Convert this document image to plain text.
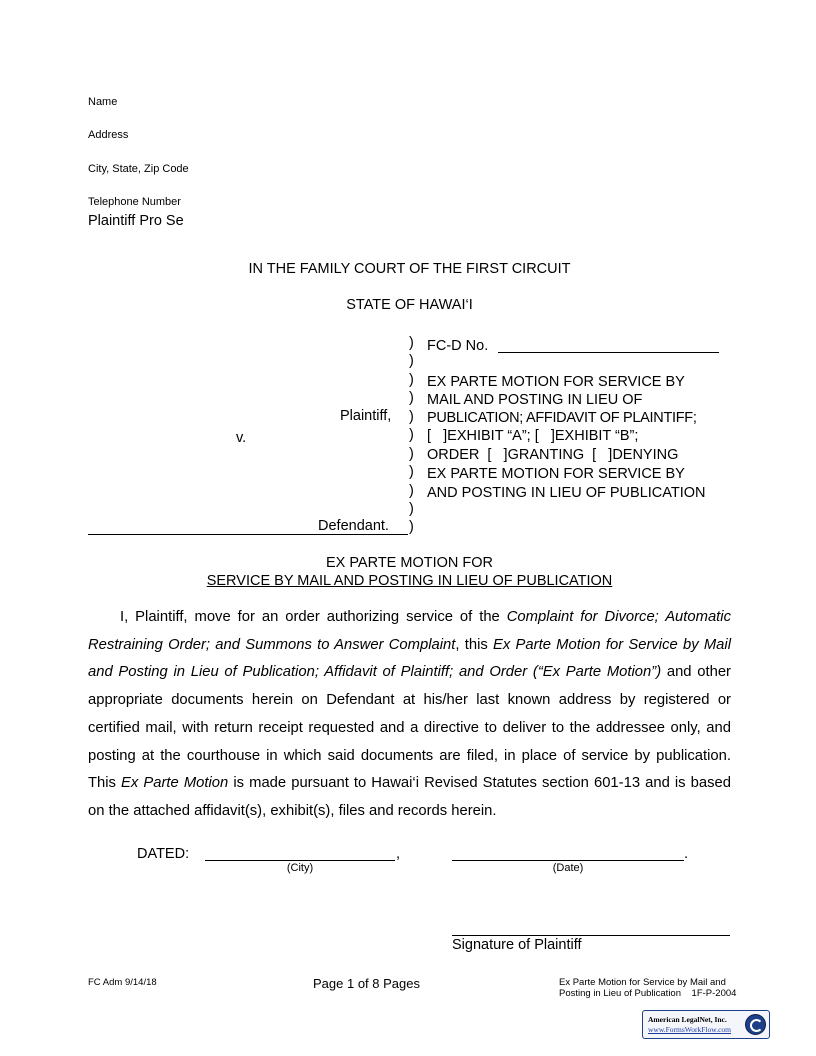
Name
Address
City, State, Zip Code
Telephone Number
Plaintiff Pro Se
IN THE FAMILY COURT OF THE FIRST CIRCUIT
STATE OF HAWAI‘I
Plaintiff,
v.
Defendant.
)
)
)
)
)
)
)
)
)
)
)
FC-D No.
EX PARTE MOTION FOR SERVICE BY
MAIL AND POSTING IN LIEU OF
PUBLICATION; AFFIDAVIT OF PLAINTIFF;
[   ]EXHIBIT “A”; [   ]EXHIBIT “B”;
ORDER  [   ]GRANTING  [   ]DENYING
EX PARTE MOTION FOR SERVICE BY
AND POSTING IN LIEU OF PUBLICATION
EX PARTE MOTION FOR
SERVICE BY MAIL AND POSTING IN LIEU OF PUBLICATION
I, Plaintiff, move for an order authorizing service of the Complaint for Divorce; Automatic Restraining Order; and Summons to Answer Complaint, this Ex Parte Motion for Service by Mail and Posting in Lieu of Publication; Affidavit of Plaintiff; and Order (“Ex Parte Motion”) and other appropriate documents herein on Defendant at his/her last known address by registered or certified mail, with return receipt requested and a directive to deliver to the addressee only, and posting at the courthouse in which said documents are filed, in place of service by publication. This Ex Parte Motion is made pursuant to Hawai‘i Revised Statutes section 601-13 and is based on the attached affidavit(s), exhibit(s), files and records herein.
DATED:	,
(City)
.
(Date)
Signature of Plaintiff
FC Adm 9/14/18	Page 1 of 8 Pages	Ex Parte Motion for Service by Mail and
Posting in Lieu of Publication    1F-P-2004
American LegalNet, Inc.
www.FormsWorkFlow.com
